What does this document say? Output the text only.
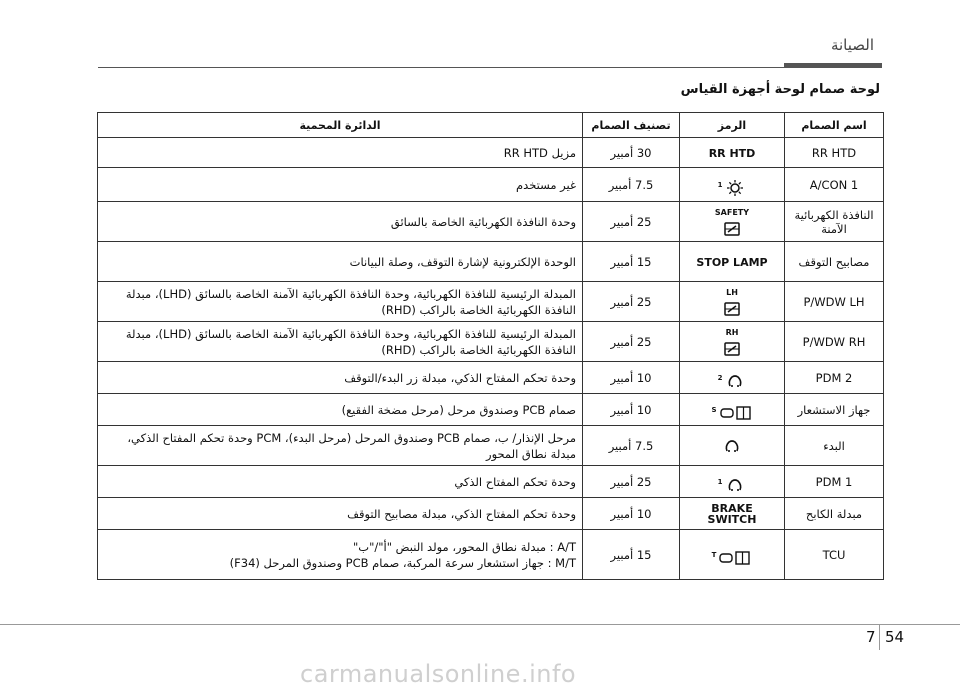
الصيانة
لوحة صمام لوحة أجهزة القياس
اسم الصمام	الرمز	تصنيف الصمام	الدائرة المحمية
RR HTD	RR HTD	30 أمبير	مزيل RR HTD
A/CON 1	$^1$	7.5 أمبير	غير مستخدم
النافذة الكهربائية الآمنة	SAFETY	25 أمبير	وحدة النافذة الكهربائية الخاصة بالسائق
مصابيح التوقف	STOP LAMP	15 أمبير	الوحدة الإلكترونية لإشارة التوقف، وصلة البيانات
P/WDW LH	LH	25 أمبير	المبدلة الرئيسية للنافذة الكهربائية، وحدة النافذة الكهربائية الآمنة الخاصة بالسائق (LHD)، مبدلة النافذة الكهربائية الخاصة بالراكب (RHD)
P/WDW RH	RH	25 أمبير	المبدلة الرئيسية للنافذة الكهربائية، وحدة النافذة الكهربائية الآمنة الخاصة بالسائق (LHD)، مبدلة النافذة الكهربائية الخاصة بالراكب (RHD)
PDM 2	$^2$	10 أمبير	وحدة تحكم المفتاح الذكي، مبدلة زر البدء/التوقف
جهاز الاستشعار	$^S$	10 أمبير	صمام PCB وصندوق مرحل (مرحل مضخة الفقيع)
البدء		7.5 أمبير	مرحل الإنذار/ ب، صمام PCB وصندوق المرحل (مرحل البدء)، PCM وحدة تحكم المفتاح الذكي، مبدلة نطاق المحور
PDM 1	$^1$	25 أمبير	وحدة تحكم المفتاح الذكي
مبدلة الكابح	BRAKE SWITCH	10 أمبير	وحدة تحكم المفتاح الذكي، مبدلة مصابيح التوقف
TCU	$^T$	15 أمبير	A/T : مبدلة نطاق المحور، مولد النبض "أ"/"ب"
M/T : جهاز استشعار سرعة المركبة، صمام PCB وصندوق المرحل (F34)
7 54
carmanualsonline.info
